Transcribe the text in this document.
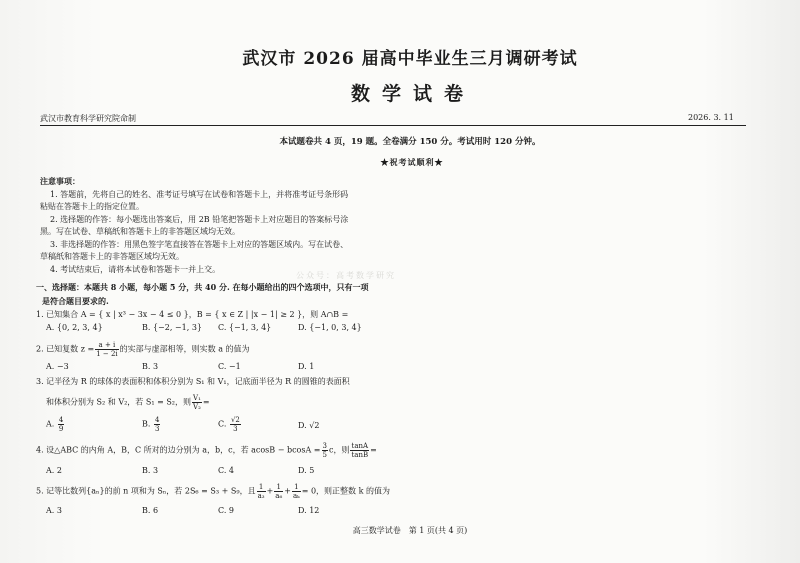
武汉市 2026 届高中毕业生三月调研考试
数学试卷
武汉市教育科学研究院命制	2026. 3. 11
本试题卷共 4 页，19 题。全卷满分 150 分。考试用时 120 分钟。
★祝考试顺利★
注意事项：
1. 答题前，先将自己的姓名、准考证号填写在试卷和答题卡上，并将准考证号条形码
粘贴在答题卡上的指定位置。
2. 选择题的作答：每小题选出答案后，用 2B 铅笔把答题卡上对应题目的答案标号涂
黑。写在试卷、草稿纸和答题卡上的非答题区域均无效。
3. 非选择题的作答：用黑色签字笔直接答在答题卡上对应的答题区域内。写在试卷、
草稿纸和答题卡上的非答题区域均无效。
4. 考试结束后，请将本试卷和答题卡一并上交。
公众号：高考数学研究
一、选择题：本题共 8 小题，每小题 5 分，共 40 分. 在每小题给出的四个选项中，只有一项
是符合题目要求的.
1. 已知集合 A = { x | x³ − 3x − 4 ≤ 0 }，B = { x ∈ Z | |x − 1| ≥ 2 }，则 A∩B =
A. {0, 2, 3, 4}	B. {−2, −1, 3} C. {−1, 3, 4}	D. {−1, 0, 3, 4}
2. 已知复数 $z = \frac{a + i}{1 - 2i}$ 的实部与虚部相等，则实数 a 的值为
A. −3	B. 3	C. −1	D. 1
3. 记半径为 R 的球体的表面积和体积分别为 S₁ 和 V₁，记底面半径为 R 的圆锥的表面积
和体积分别为 S₂ 和 V₂，若 S₁ = S₂，则 $\frac{\text{V₁}}{\text{V₂}}$ =
A. $\frac{4}{9}$	B. $\frac{4}{3}$	C. $\frac{√2}{3}$	D. √2
4. 设△ABC 的内角 A，B，C 所对的边分别为 a，b，c，若 $acosB - bcosA = \frac{3}{5}$ c，则 $\frac{\tan A}{\tan B}$ =
A. 2	B. 3	C. 4	D. 5
5. 记等比数列{aₙ}的前 n 项和为 Sₙ，若 2S₆ = S₃ + S₉，且 $\frac{1}{\text{a₃}} + \frac{1}{\text{a₆}} + \frac{1}{\text{aₖ}} = 0$，则正整数 k 的值为
A. 3	B. 6	C. 9	D. 12
高三数学试卷　第 1 页(共 4 页)
